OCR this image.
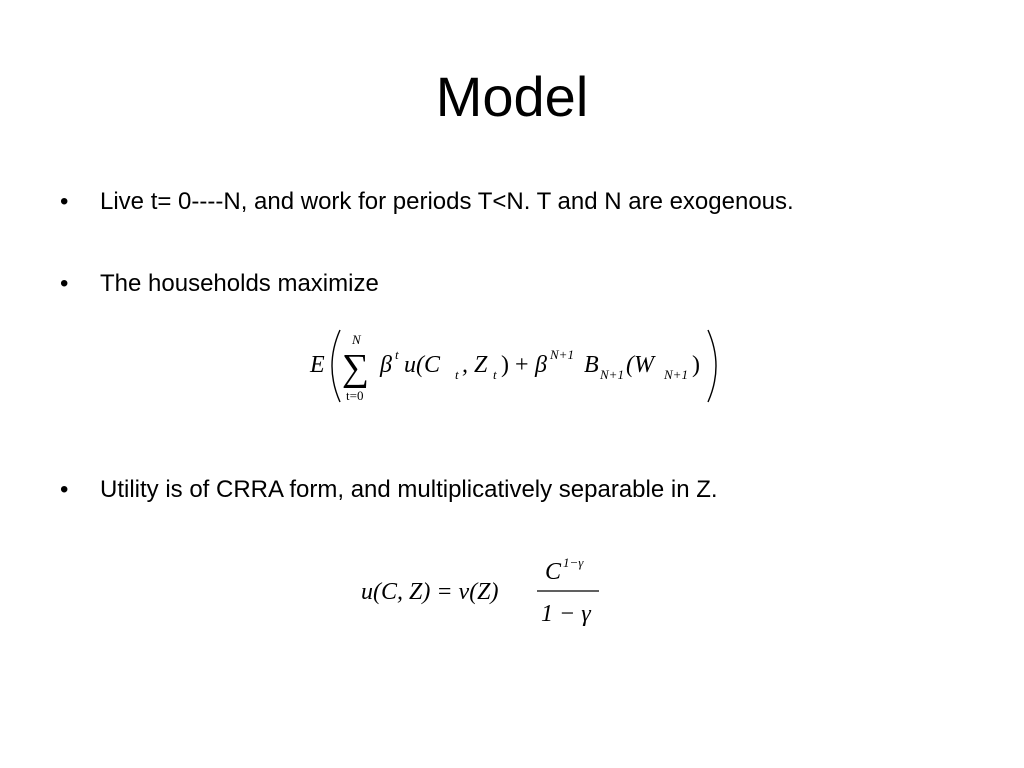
Model
• Live t= 0----N, and work for periods T<N. T and N are exogenous.
• The households maximize
E
N
∑
t=0
β t u(C t , Z t ) + β N+1 B N+1 (W N+1 )
• Utility is of CRRA form, and multiplicatively separable in Z.
u(C, Z) = v(Z)
C 1−γ
1 − γ
